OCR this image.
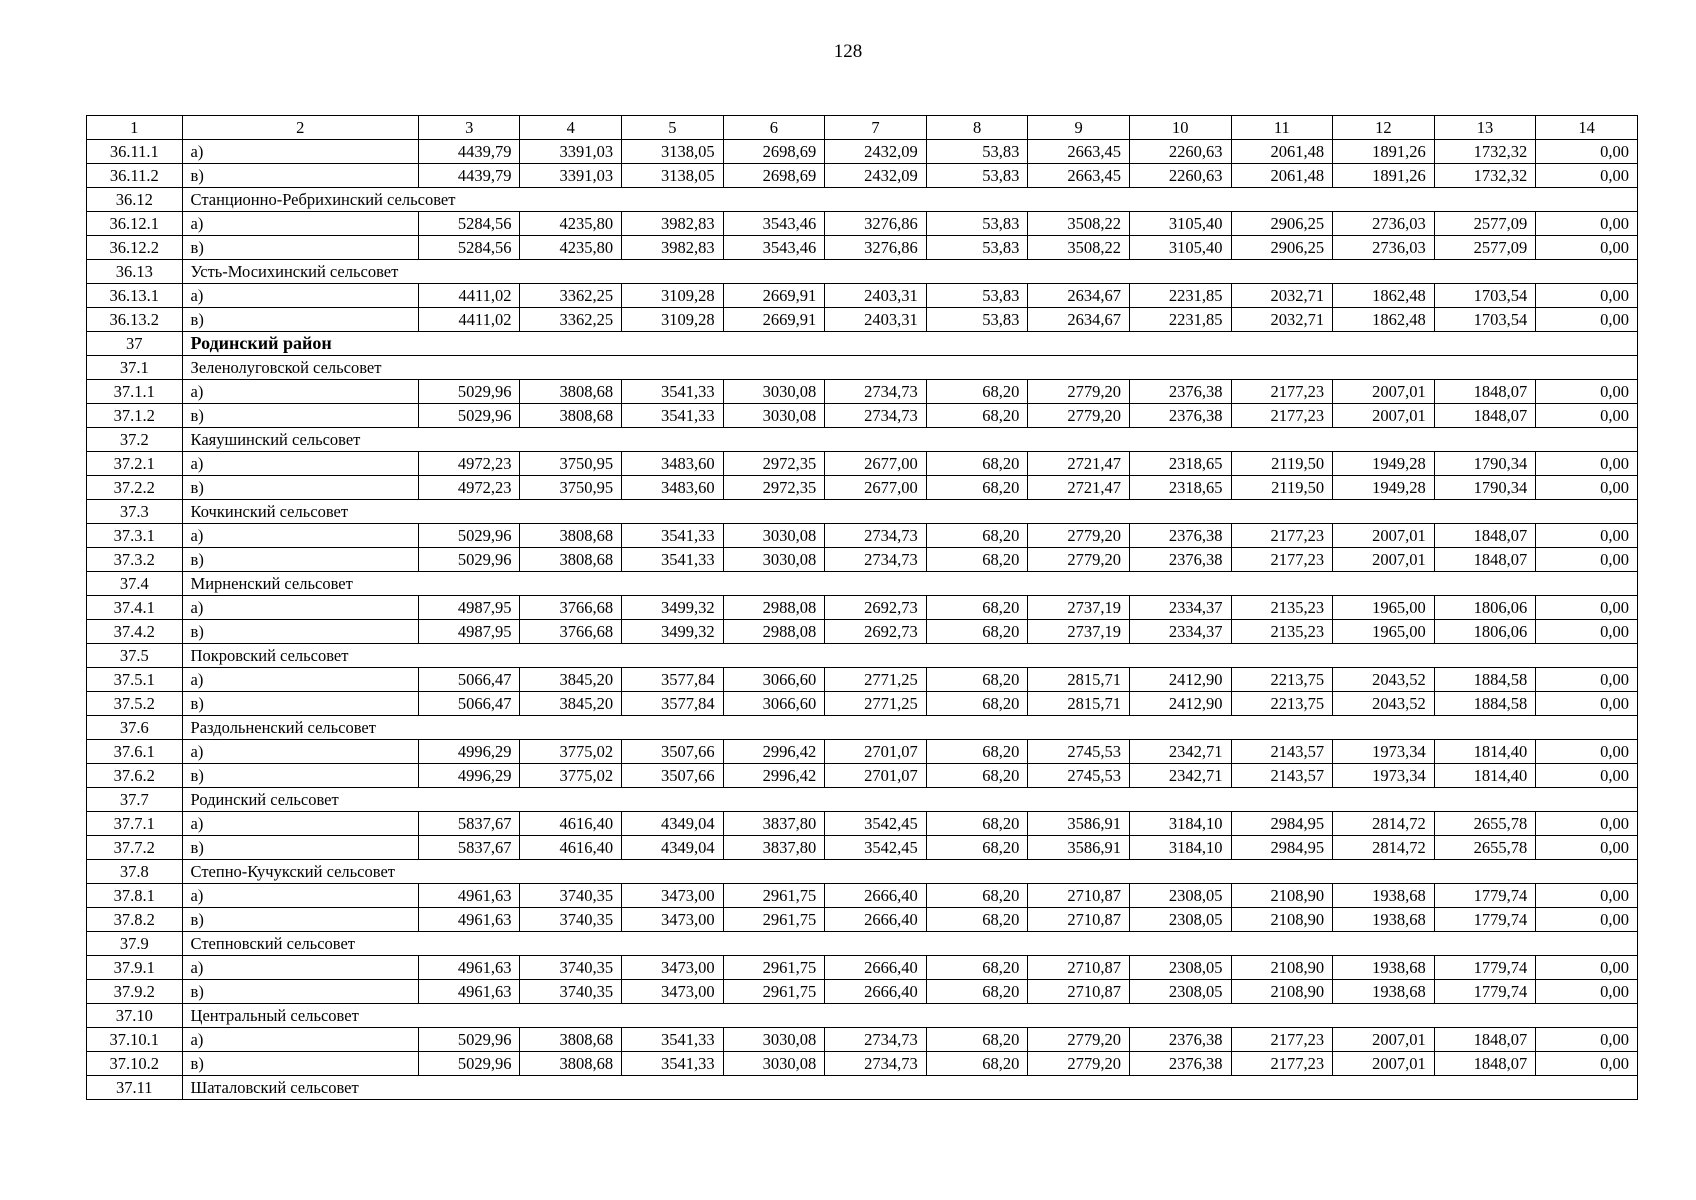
128
1	2	3	4	5	6	7	8	9	10	11	12	13	14
36.11.1	а)	4439,79	3391,03	3138,05	2698,69	2432,09	53,83	2663,45	2260,63	2061,48	1891,26	1732,32	0,00
36.11.2	в)	4439,79	3391,03	3138,05	2698,69	2432,09	53,83	2663,45	2260,63	2061,48	1891,26	1732,32	0,00
36.12	Станционно-Ребрихинский сельсовет												
36.12.1	а)	5284,56	4235,80	3982,83	3543,46	3276,86	53,83	3508,22	3105,40	2906,25	2736,03	2577,09	0,00
36.12.2	в)	5284,56	4235,80	3982,83	3543,46	3276,86	53,83	3508,22	3105,40	2906,25	2736,03	2577,09	0,00
36.13	Усть-Мосихинский сельсовет												
36.13.1	а)	4411,02	3362,25	3109,28	2669,91	2403,31	53,83	2634,67	2231,85	2032,71	1862,48	1703,54	0,00
36.13.2	в)	4411,02	3362,25	3109,28	2669,91	2403,31	53,83	2634,67	2231,85	2032,71	1862,48	1703,54	0,00
37	Родинский район												
37.1	Зеленолуговской сельсовет												
37.1.1	а)	5029,96	3808,68	3541,33	3030,08	2734,73	68,20	2779,20	2376,38	2177,23	2007,01	1848,07	0,00
37.1.2	в)	5029,96	3808,68	3541,33	3030,08	2734,73	68,20	2779,20	2376,38	2177,23	2007,01	1848,07	0,00
37.2	Каяушинский сельсовет												
37.2.1	а)	4972,23	3750,95	3483,60	2972,35	2677,00	68,20	2721,47	2318,65	2119,50	1949,28	1790,34	0,00
37.2.2	в)	4972,23	3750,95	3483,60	2972,35	2677,00	68,20	2721,47	2318,65	2119,50	1949,28	1790,34	0,00
37.3	Кочкинский сельсовет												
37.3.1	а)	5029,96	3808,68	3541,33	3030,08	2734,73	68,20	2779,20	2376,38	2177,23	2007,01	1848,07	0,00
37.3.2	в)	5029,96	3808,68	3541,33	3030,08	2734,73	68,20	2779,20	2376,38	2177,23	2007,01	1848,07	0,00
37.4	Мирненский сельсовет												
37.4.1	а)	4987,95	3766,68	3499,32	2988,08	2692,73	68,20	2737,19	2334,37	2135,23	1965,00	1806,06	0,00
37.4.2	в)	4987,95	3766,68	3499,32	2988,08	2692,73	68,20	2737,19	2334,37	2135,23	1965,00	1806,06	0,00
37.5	Покровский сельсовет												
37.5.1	а)	5066,47	3845,20	3577,84	3066,60	2771,25	68,20	2815,71	2412,90	2213,75	2043,52	1884,58	0,00
37.5.2	в)	5066,47	3845,20	3577,84	3066,60	2771,25	68,20	2815,71	2412,90	2213,75	2043,52	1884,58	0,00
37.6	Раздольненский сельсовет												
37.6.1	а)	4996,29	3775,02	3507,66	2996,42	2701,07	68,20	2745,53	2342,71	2143,57	1973,34	1814,40	0,00
37.6.2	в)	4996,29	3775,02	3507,66	2996,42	2701,07	68,20	2745,53	2342,71	2143,57	1973,34	1814,40	0,00
37.7	Родинский сельсовет												
37.7.1	а)	5837,67	4616,40	4349,04	3837,80	3542,45	68,20	3586,91	3184,10	2984,95	2814,72	2655,78	0,00
37.7.2	в)	5837,67	4616,40	4349,04	3837,80	3542,45	68,20	3586,91	3184,10	2984,95	2814,72	2655,78	0,00
37.8	Степно-Кучукский сельсовет												
37.8.1	а)	4961,63	3740,35	3473,00	2961,75	2666,40	68,20	2710,87	2308,05	2108,90	1938,68	1779,74	0,00
37.8.2	в)	4961,63	3740,35	3473,00	2961,75	2666,40	68,20	2710,87	2308,05	2108,90	1938,68	1779,74	0,00
37.9	Степновский сельсовет												
37.9.1	а)	4961,63	3740,35	3473,00	2961,75	2666,40	68,20	2710,87	2308,05	2108,90	1938,68	1779,74	0,00
37.9.2	в)	4961,63	3740,35	3473,00	2961,75	2666,40	68,20	2710,87	2308,05	2108,90	1938,68	1779,74	0,00
37.10	Центральный сельсовет												
37.10.1	а)	5029,96	3808,68	3541,33	3030,08	2734,73	68,20	2779,20	2376,38	2177,23	2007,01	1848,07	0,00
37.10.2	в)	5029,96	3808,68	3541,33	3030,08	2734,73	68,20	2779,20	2376,38	2177,23	2007,01	1848,07	0,00
37.11	Шаталовский сельсовет												
